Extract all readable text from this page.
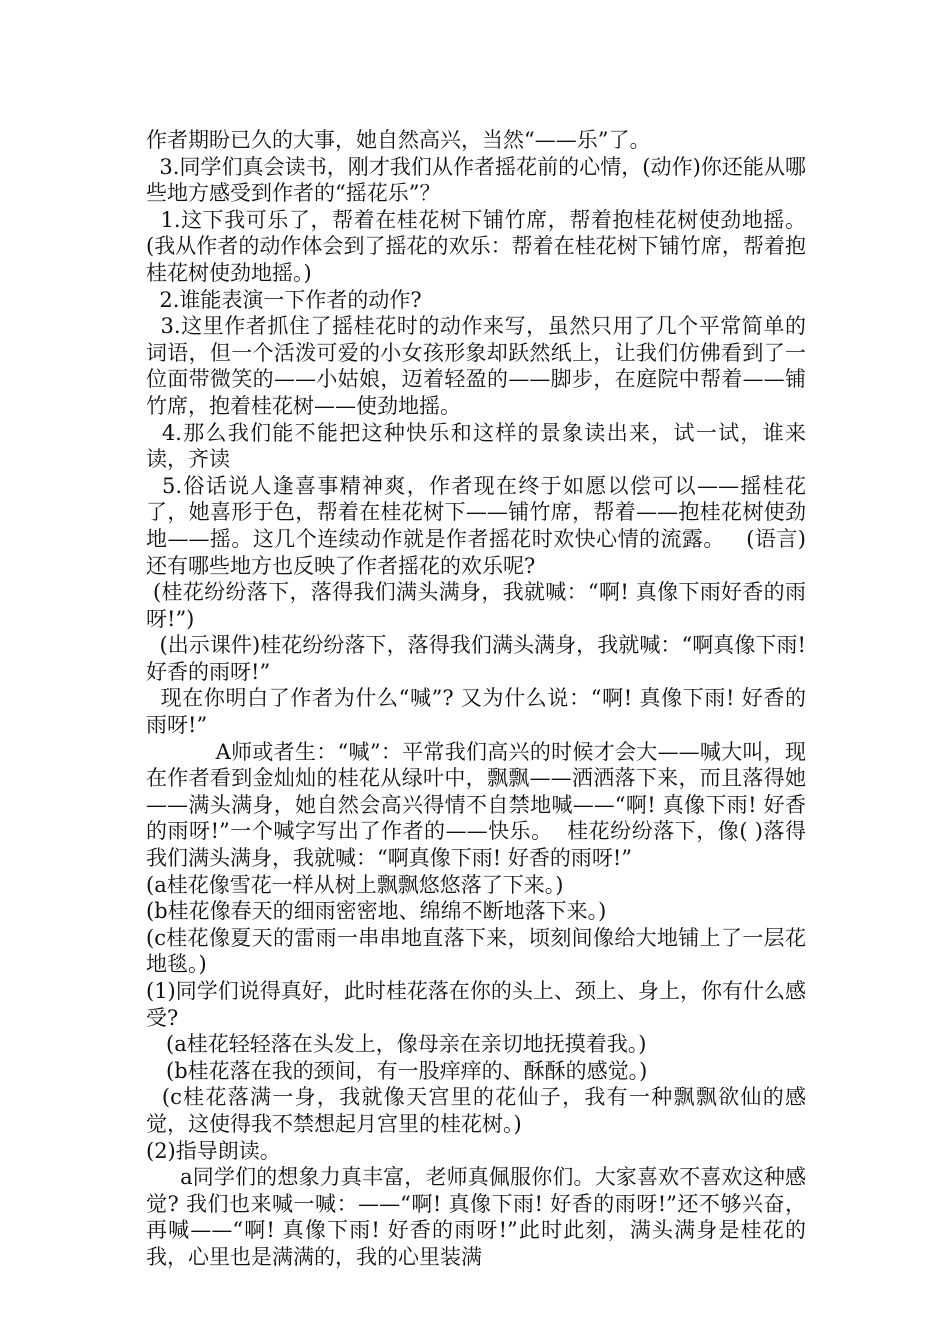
作者期盼已久的大事，她自然高兴，当然“——乐”了。

3.同学们真会读书，刚才我们从作者摇花前的心情，(动作)你还能从哪些地方感受到作者的“摇花乐”？

1.这下我可乐了，帮着在桂花树下铺竹席，帮着抱桂花树使劲地摇。(我从作者的动作体会到了摇花的欢乐：帮着在桂花树下铺竹席，帮着抱桂花树使劲地摇。)

2.谁能表演一下作者的动作?

3.这里作者抓住了摇桂花时的动作来写，虽然只用了几个平常简单的词语，但一个活泼可爱的小女孩形象却跃然纸上，让我们仿佛看到了一位面带微笑的——小姑娘，迈着轻盈的——脚步，在庭院中帮着——铺竹席，抱着桂花树——使劲地摇。

4.那么我们能不能把这种快乐和这样的景象读出来，试一试，谁来读，齐读

5.俗话说人逢喜事精神爽，作者现在终于如愿以偿可以——摇桂花了，她喜形于色，帮着在桂花树下——铺竹席，帮着——抱桂花树使劲地——摇。这几个连续动作就是作者摇花时欢快心情的流露。   (语言)还有哪些地方也反映了作者摇花的欢乐呢?

(桂花纷纷落下，落得我们满头满身，我就喊：“啊! 真像下雨好香的雨呀!”)

(出示课件)桂花纷纷落下，落得我们满头满身，我就喊：“啊真像下雨! 好香的雨呀!”

现在你明白了作者为什么“喊”? 又为什么说：“啊! 真像下雨! 好香的雨呀!”

A师或者生：“喊”：平常我们高兴的时候才会大——喊大叫，现在作者看到金灿灿的桂花从绿叶中，飘飘——洒洒落下来，而且落得她——满头满身，她自然会高兴得情不自禁地喊——“啊! 真像下雨! 好香的雨呀!”一个喊字写出了作者的——快乐。  桂花纷纷落下，像( )落得我们满头满身，我就喊：“啊真像下雨! 好香的雨呀!”

(a桂花像雪花一样从树上飘飘悠悠落了下来。)

(b桂花像春天的细雨密密地、绵绵不断地落下来。)

(c桂花像夏天的雷雨一串串地直落下来，顷刻间像给大地铺上了一层花地毯。)

(1)同学们说得真好，此时桂花落在你的头上、颈上、身上，你有什么感受?

(a桂花轻轻落在头发上，像母亲在亲切地抚摸着我。)

(b桂花落在我的颈间，有一股痒痒的、酥酥的感觉。)

(c桂花落满一身，我就像天宫里的花仙子，我有一种飘飘欲仙的感觉，这使得我不禁想起月宫里的桂花树。)

(2)指导朗读。

a同学们的想象力真丰富，老师真佩服你们。大家喜欢不喜欢这种感觉? 我们也来喊一喊：——“啊! 真像下雨! 好香的雨呀!”还不够兴奋，再喊——“啊! 真像下雨! 好香的雨呀!”此时此刻，满头满身是桂花的我，心里也是满满的，我的心里装满
